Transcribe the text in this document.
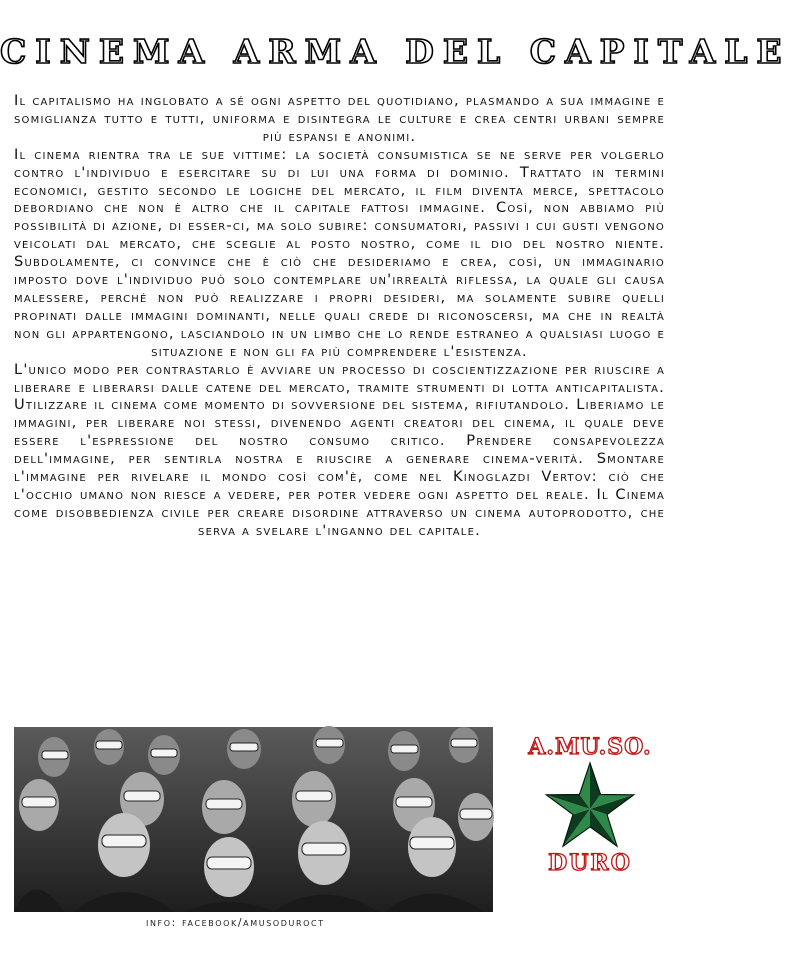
CINEMA ARMA DEL CAPITALE

Il capitalismo ha inglobato a sé ogni aspetto del quotidiano, plasmando a sua immagine e somiglianza tutto e tutti, uniforma e disintegra le culture e crea centri urbani sempre più espansi e anonimi.

Il cinema rientra tra le sue vittime: la società consumistica se ne serve per volgerlo contro l'individuo e esercitare su di lui una forma di dominio. Trattato in termini economici, gestito secondo le logiche del mercato, il film diventa merce, spettacolo debordiano che non è altro che il capitale fattosi immagine. Così, non abbiamo più possibilità di azione, di esser-ci, ma solo subire: consumatori, passivi i cui gusti vengono veicolati dal mercato, che sceglie al posto nostro, come il dio del nostro niente. Subdolamente, ci convince che è ciò che desideriamo e crea, così, un immaginario imposto dove l'individuo può solo contemplare un'irrealtà riflessa, la quale gli causa malessere, perché non può realizzare i propri desideri, ma solamente subire quelli propinati dalle immagini dominanti, nelle quali crede di riconoscersi, ma che in realtà non gli appartengono, lasciandolo in un limbo che lo rende estraneo a qualsiasi luogo e situazione e non gli fa più comprendere l'esistenza.

L'unico modo per contrastarlo è avviare un processo di coscientizzazione per riuscire a liberare e liberarsi dalle catene del mercato, tramite strumenti di lotta anticapitalista. Utilizzare il cinema come momento di sovversione del sistema, rifiutandolo. Liberiamo le immagini, per liberare noi stessi, divenendo agenti creatori del cinema, il quale deve essere l'espressione del nostro consumo critico. Prendere consapevolezza dell'immagine, per sentirla nostra e riuscire a generare cinema-verità. Smontare l'immagine per rivelare il mondo così com'è, come nel Kinoglazdi Vertov: ciò che l'occhio umano non riesce a vedere, per poter vedere ogni aspetto del reale. Il Cinema come disobbedienza civile per creare disordine attraverso un cinema autoprodotto, che serva a svelare l'inganno del capitale.

info: facebook/amusoduroct
A.MU.SO.
DURO
